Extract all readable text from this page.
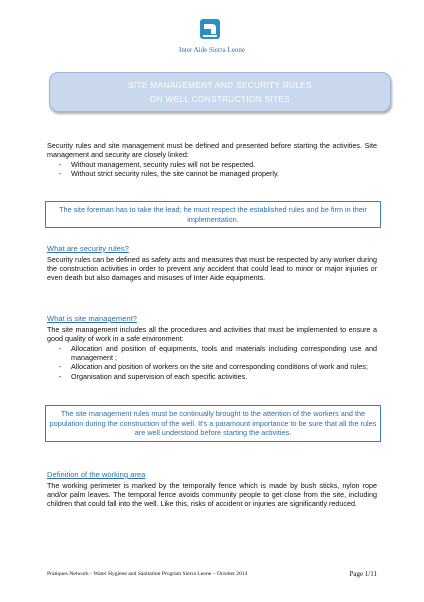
Inter Aide Sierra Leone
SITE MANAGEMENT AND SECURITY RULES
ON WELL CONSTRUCTION SITES
Security rules and site management must be defined and presented before starting the activities. Site management and security are closely linked:
- Without management, security rules will not be respected.
- Without strict security rules, the site cannot be managed properly.
The site foreman has to take the lead; he must respect the established rules and be firm in their implementation.
What are security rules?
Security rules can be defined as safety acts and measures that must be respected by any worker during the construction activities in order to prevent any accident that could lead to minor or major injuries or even death but also damages and misuses of Inter Aide equipments.
What is site management?
The site management includes all the procedures and activities that must be implemented to ensure a good quality of work in a safe environment:
- Allocation and position of equipments, tools and materials including corresponding use and management ;
- Allocation and position of workers on the site and corresponding conditions of work and rules;
- Organisation and supervision of each specific activities.
The site management rules must be continually brought to the attention of the workers and the population during the construction of the well. It's a paramount importance to be sure that all the rules are well understood before starting the activities.
Definition of the working area
The working perimeter is marked by the temporally fence which is made by bush sticks, nylon rope and/or palm leaves. The temporal fence avoids community people to get close from the site, including children that could fall into the well. Like this, risks of accident or injuries are significantly reduced.
Pratiques Network - Water Hygiene and Sanitation Program Sierra Leone – October 2014	Page 1/11
